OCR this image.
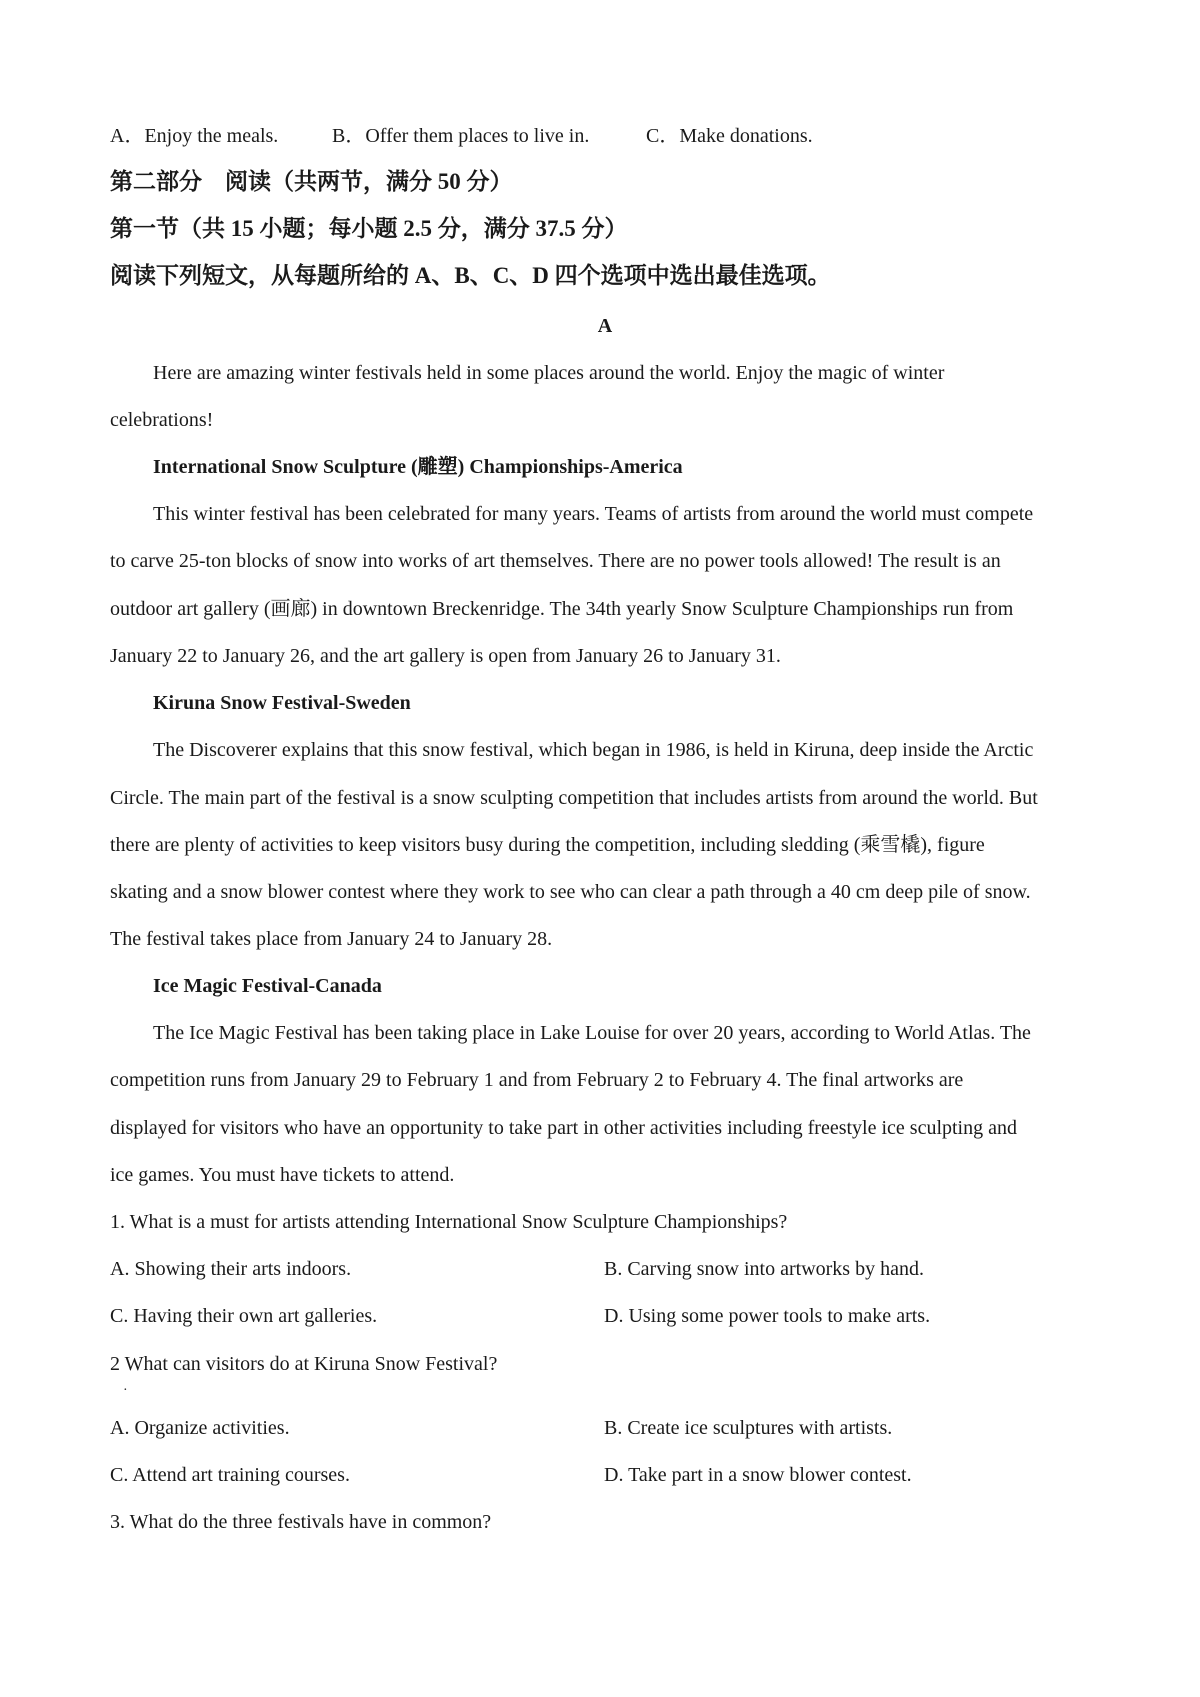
A．Enjoy the meals.	B．Offer them places to live in.	C．Make donations.
第二部分　阅读（共两节，满分 50 分）
第一节（共 15 小题；每小题 2.5 分，满分 37.5 分）
阅读下列短文，从每题所给的 A、B、C、D 四个选项中选出最佳选项。
A
Here are amazing winter festivals held in some places around the world. Enjoy the magic of winter
celebrations!
International Snow Sculpture (雕塑) Championships-America
This winter festival has been celebrated for many years. Teams of artists from around the world must compete
to carve 25-ton blocks of snow into works of art themselves. There are no power tools allowed! The result is an
outdoor art gallery (画廊) in downtown Breckenridge. The 34th yearly Snow Sculpture Championships run from
January 22 to January 26, and the art gallery is open from January 26 to January 31.
Kiruna Snow Festival-Sweden
The Discoverer explains that this snow festival, which began in 1986, is held in Kiruna, deep inside the Arctic
Circle. The main part of the festival is a snow sculpting competition that includes artists from around the world. But
there are plenty of activities to keep visitors busy during the competition, including sledding (乘雪橇), figure
skating and a snow blower contest where they work to see who can clear a path through a 40 cm deep pile of snow.
The festival takes place from January 24 to January 28.
Ice Magic Festival-Canada
The Ice Magic Festival has been taking place in Lake Louise for over 20 years, according to World Atlas. The
competition runs from January 29 to February 1 and from February 2 to February 4. The final artworks are
displayed for visitors who have an opportunity to take part in other activities including freestyle ice sculpting and
ice games. You must have tickets to attend.
1. What is a must for artists attending International Snow Sculpture Championships?
A. Showing their arts indoors.	B. Carving snow into artworks by hand.
C. Having their own art galleries.	D. Using some power tools to make arts.
2 What can visitors do at Kiruna Snow Festival?
·
A. Organize activities.	B. Create ice sculptures with artists.
C. Attend art training courses.	D. Take part in a snow blower contest.
3. What do the three festivals have in common?
